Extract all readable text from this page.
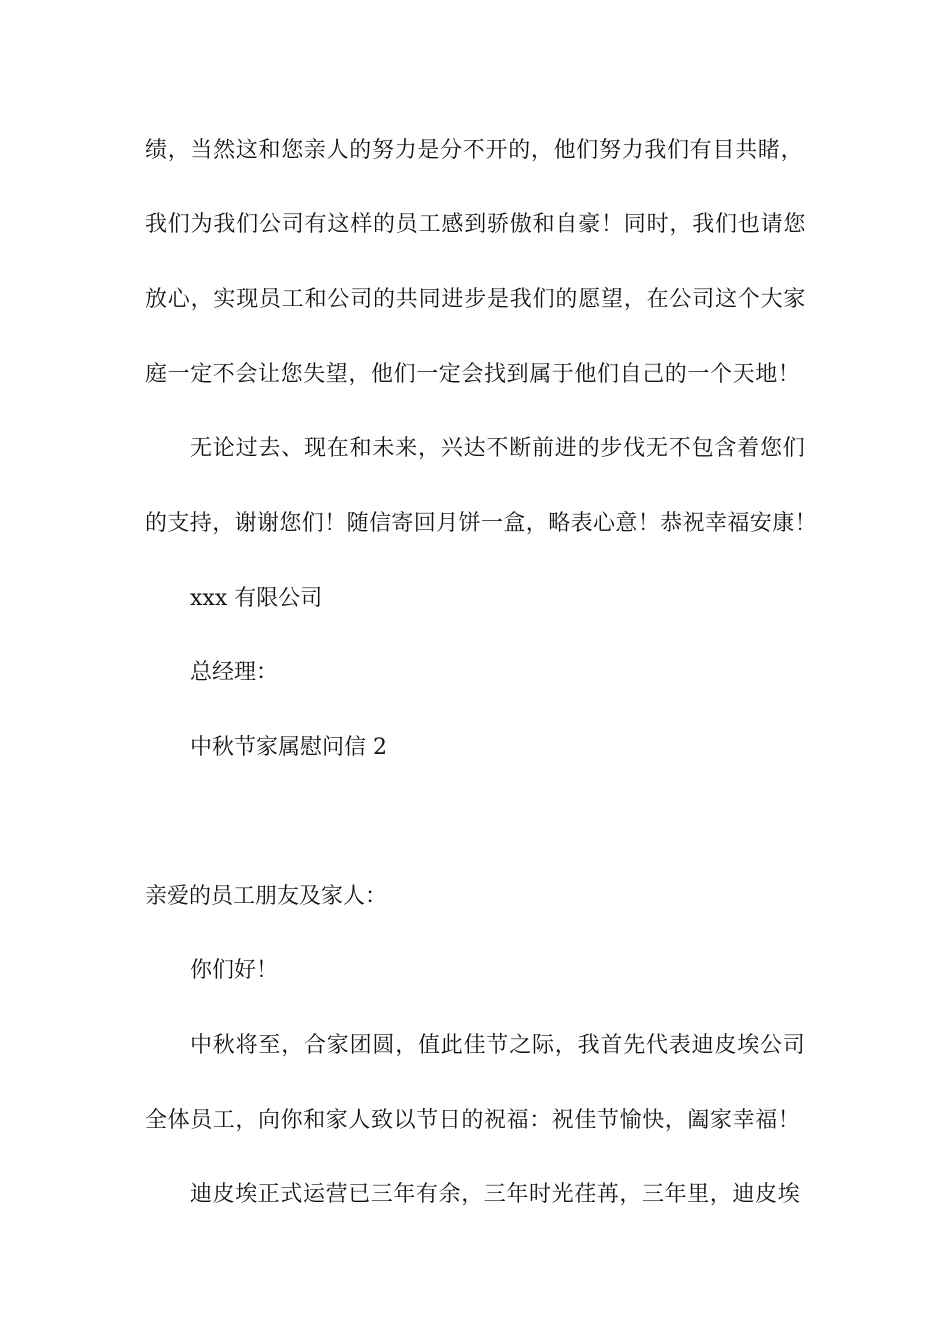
绩，当然这和您亲人的努力是分不开的，他们努力我们有目共睹，
我们为我们公司有这样的员工感到骄傲和自豪！同时，我们也请您
放心，实现员工和公司的共同进步是我们的愿望，在公司这个大家
庭一定不会让您失望，他们一定会找到属于他们自己的一个天地！
无论过去、现在和未来，兴达不断前进的步伐无不包含着您们
的支持，谢谢您们！随信寄回月饼一盒，略表心意！恭祝幸福安康！
xxx 有限公司
总经理：
中秋节家属慰问信 2
亲爱的员工朋友及家人：
你们好！
中秋将至，合家团圆，值此佳节之际，我首先代表迪皮埃公司
全体员工，向你和家人致以节日的祝福：祝佳节愉快，阖家幸福！
迪皮埃正式运营已三年有余，三年时光荏苒，三年里，迪皮埃
